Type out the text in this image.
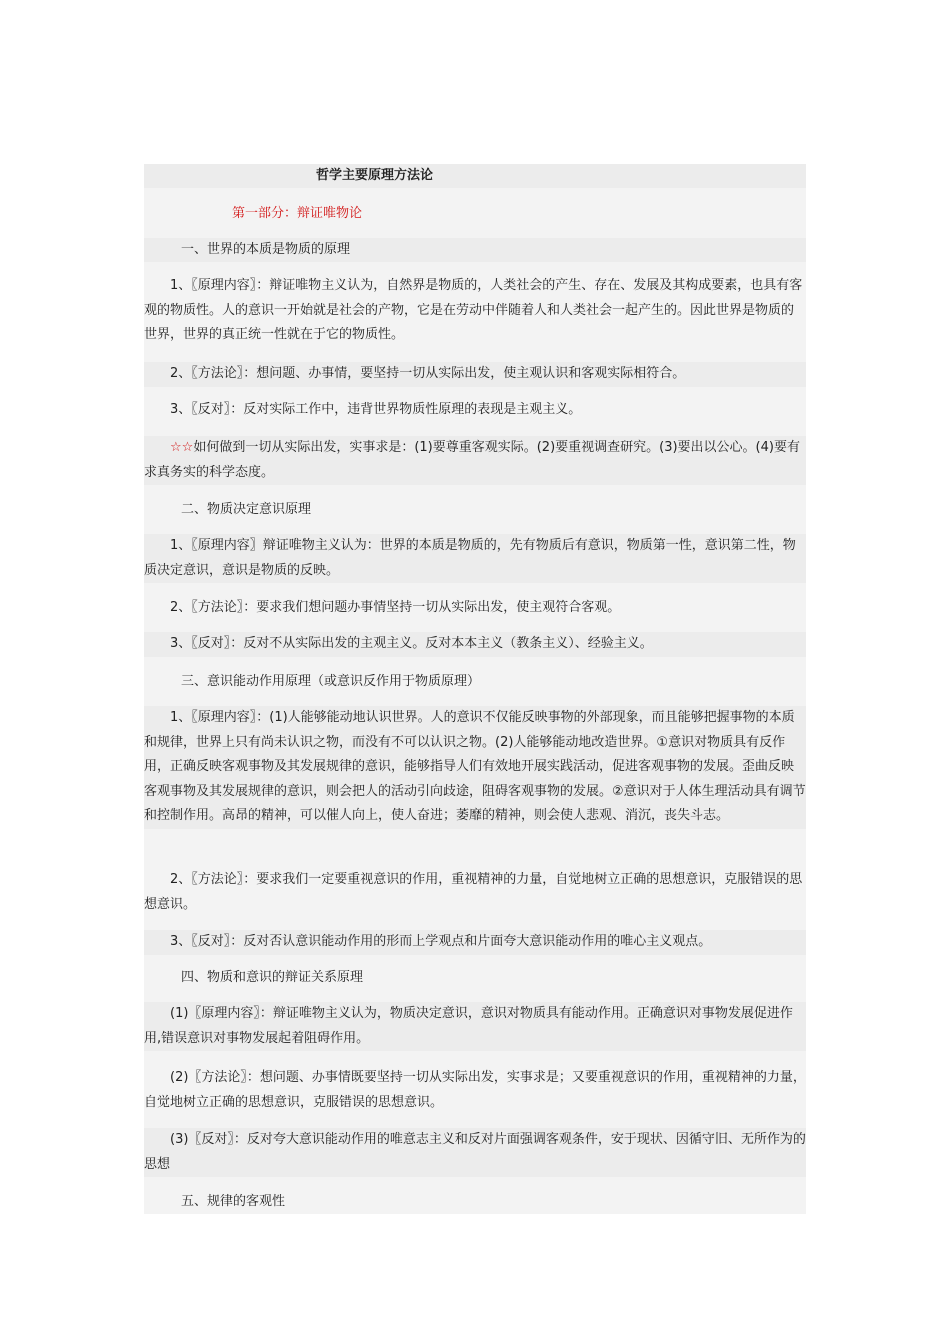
哲学主要原理方法论
第一部分：辩证唯物论
一、世界的本质是物质的原理
1、〖原理内容〗：辩证唯物主义认为，自然界是物质的，人类社会的产生、存在、发展及其构成要素，也具有客观的物质性。人的意识一开始就是社会的产物，它是在劳动中伴随着人和人类社会一起产生的。因此世界是物质的世界，世界的真正统一性就在于它的物质性。
2、〖方法论〗：想问题、办事情，要坚持一切从实际出发，使主观认识和客观实际相符合。
3、〖反对〗：反对实际工作中，违背世界物质性原理的表现是主观主义。
☆☆如何做到一切从实际出发，实事求是：(1)要尊重客观实际。(2)要重视调查研究。(3)要出以公心。(4)要有求真务实的科学态度。
二、物质决定意识原理
1、〖原理内容〗辩证唯物主义认为：世界的本质是物质的，先有物质后有意识，物质第一性，意识第二性，物质决定意识，意识是物质的反映。
2、〖方法论〗：要求我们想问题办事情坚持一切从实际出发，使主观符合客观。
3、〖反对〗：反对不从实际出发的主观主义。反对本本主义（教条主义）、经验主义。
三、意识能动作用原理（或意识反作用于物质原理）
1、〖原理内容〗：(1)人能够能动地认识世界。人的意识不仅能反映事物的外部现象，而且能够把握事物的本质和规律，世界上只有尚未认识之物，而没有不可以认识之物。(2)人能够能动地改造世界。①意识对物质具有反作用，正确反映客观事物及其发展规律的意识，能够指导人们有效地开展实践活动，促进客观事物的发展。歪曲反映客观事物及其发展规律的意识，则会把人的活动引向歧途，阻碍客观事物的发展。②意识对于人体生理活动具有调节和控制作用。高昂的精神，可以催人向上，使人奋进；萎靡的精神，则会使人悲观、消沉，丧失斗志。
2、〖方法论〗：要求我们一定要重视意识的作用，重视精神的力量，自觉地树立正确的思想意识，克服错误的思想意识。
3、〖反对〗：反对否认意识能动作用的形而上学观点和片面夸大意识能动作用的唯心主义观点。
四、物质和意识的辩证关系原理
(1)〖原理内容〗：辩证唯物主义认为，物质决定意识，意识对物质具有能动作用。正确意识对事物发展促进作用,错误意识对事物发展起着阻碍作用。
(2)〖方法论〗：想问题、办事情既要坚持一切从实际出发，实事求是；又要重视意识的作用，重视精神的力量，自觉地树立正确的思想意识，克服错误的思想意识。
(3)〖反对〗：反对夸大意识能动作用的唯意志主义和反对片面强调客观条件，安于现状、因循守旧、无所作为的思想
五、规律的客观性
